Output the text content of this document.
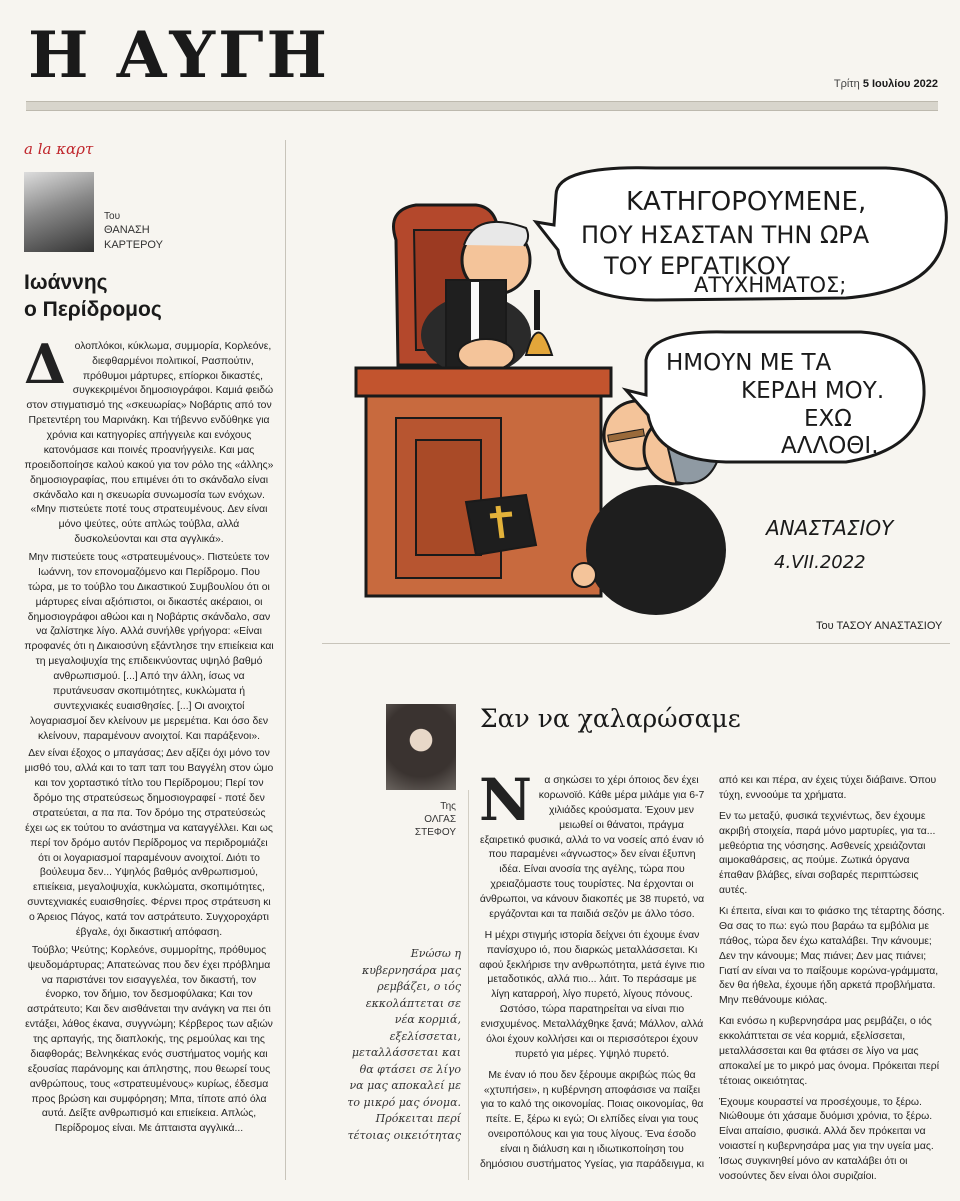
Η ΑΥΓΗ	Τρίτη 5 Ιουλίου 2022
a la καρτ
Του
ΘΑΝΑΣΗ
ΚΑΡΤΕΡΟΥ
Ιωάννης
ο Περίδρομος

Δολοπλόκοι, κύκλωμα, συμμορία, Κορλεόνε, διεφθαρμένοι πολιτικοί, Ρασπούτιν, πρόθυμοι μάρτυρες, επίορκοι δικαστές, συγκεκριμένοι δημοσιογράφοι. Καμιά φειδώ στον στιγματισμό της «σκευωρίας» Νοβάρτις από τον Πρετεντέρη του Μαρινάκη. Και τήβεννο ενδύθηκε για χρόνια και κατηγορίες απήγγειλε και ενόχους κατονόμασε και ποινές προανήγγειλε. Και μας προειδοποίησε καλού κακού για τον ρόλο της «άλλης» δημοσιογραφίας, που επιμένει ότι το σκάνδαλο είναι σκάνδαλο και η σκευωρία συνωμοσία των ενόχων. «Μην πιστεύετε ποτέ τους στρατευμένους. Δεν είναι μόνο ψεύτες, ούτε απλώς τούβλα, αλλά δυσκολεύονται και στα αγγλικά».

Μην πιστεύετε τους «στρατευμένους». Πιστεύετε τον Ιωάννη, τον επονομαζόμενο και Περίδρομο. Που τώρα, με το τούβλο του Δικαστικού Συμβουλίου ότι οι μάρτυρες είναι αξιόπιστοι, οι δικαστές ακέραιοι, οι δημοσιογράφοι αθώοι και η Νοβάρτις σκάνδαλο, σαν να ζαλίστηκε λίγο. Αλλά συνήλθε γρήγορα: «Είναι προφανές ότι η Δικαιοσύνη εξάντλησε την επιείκεια και τη μεγαλοψυχία της επιδεικνύοντας υψηλό βαθμό ανθρωπισμού. [...] Από την άλλη, ίσως να πρυτάνευσαν σκοπιμότητες, κυκλώματα ή συντεχνιακές ευαισθησίες. [...] Οι ανοιχτοί λογαριασμοί δεν κλείνουν με μερεμέτια. Και όσο δεν κλείνουν, παραμένουν ανοιχτοί. Και παράξενοι».

Δεν είναι έξοχος ο μπαγάσας; Δεν αξίζει όχι μόνο τον μισθό του, αλλά και το ταπ ταπ του Βαγγέλη στον ώμο και τον χορταστικό τίτλο του Περίδρομου; Περί τον δρόμο της στρατεύσεως δημοσιογραφεί - ποτέ δεν στρατεύεται, α πα πα. Τον δρόμο της στρατεύσεώς έχει ως εκ τούτου το ανάστημα να καταγγέλλει. Και ως περί τον δρόμο αυτόν Περίδρομος να περιδρομιάζει ότι οι λογαριασμοί παραμένουν ανοιχτοί. Διότι το βούλευμα δεν... Υψηλός βαθμός ανθρωπισμού, επιείκεια, μεγαλοψυχία, κυκλώματα, σκοπιμότητες, συντεχνιακές ευαισθησίες. Φέρνει προς στράτευση κι ο Άρειος Πάγος, κατά τον αστράτευτο. Συγχοροχάρτι έβγαλε, όχι δικαστική απόφαση.

Τούβλο; Ψεύτης; Κορλεόνε, συμμορίτης, πρόθυμος ψευδομάρτυρας; Απατεώνας που δεν έχει πρόβλημα να παριστάνει τον εισαγγελέα, τον δικαστή, τον ένορκο, τον δήμιο, τον δεσμοφύλακα; Και τον αστράτευτο; Και δεν αισθάνεται την ανάγκη να πει ότι εντάξει, λάθος έκανα, συγγνώμη; Κέρβερος των αξιών της αρπαγής, της διαπλοκής, της ρεμούλας και της διαφθοράς; Βελνηκέκας ενός συστήματος νομής και εξουσίας παράνομης και άπληστης, που θεωρεί τους ανθρώπους, τους «στρατευμένους» κυρίως, έδεσμα προς βρώση και συμφόρηση; Μπα, τίποτε από όλα αυτά. Δείξτε ανθρωπισμό και επιείκεια. Απλώς, Περίδρομος είναι. Με άπταιστα αγγλικά...

ΚΑΤΗΓΟΡΟΥΜΕΝΕ,
ΠΟΥ ΗΣΑΣΤΑΝ ΤΗΝ ΩΡΑ
ΤΟΥ ΕΡΓΑΤΙΚΟΥ
ΑΤΥΧΗΜΑΤΟΣ;
ΗΜΟΥΝ ΜΕ ΤΑ
ΚΕΡΔΗ ΜΟΥ.
ΕΧΩ
ΑΛΛΟΘΙ.
ΑΝΑΣΤΑΣΙΟΥ
4.VII.2022
Του ΤΑΣΟΥ ΑΝΑΣΤΑΣΙΟΥ
Της
ΟΛΓΑΣ
ΣΤΕΦΟΥ
Σαν να χαλαρώσαμε
Ενώσω η κυβερνησάρα μας ρεμβάζει, ο ιός εκκολάπτεται σε νέα κορμιά, εξελίσσεται, μεταλλάσσεται και θα φτάσει σε λίγο να μας αποκαλεί με το μικρό μας όνομα. Πρόκειται περί τέτοιας οικειότητας

Ν α σηκώσει το χέρι όποιος δεν έχει κορωνοϊό. Κάθε μέρα μιλάμε για 6-7 χιλιάδες κρούσματα. Έχουν μεν μειωθεί οι θάνατοι, πράγμα εξαιρετικό φυσικά, αλλά το να νοσείς από έναν ιό που παραμένει «άγνωστος» δεν είναι έξυπνη ιδέα. Είναι ανοσία της αγέλης, τώρα που χρειαζόμαστε τους τουρίστες. Να έρχονται οι άνθρωποι, να κάνουν διακοπές με 38 πυρετό, να εργάζονται και τα παιδιά σεζόν με άλλο τόσο.

Η μέχρι στιγμής ιστορία δείχνει ότι έχουμε έναν πανίσχυρο ιό, που διαρκώς μεταλλάσσεται. Κι αφού ξεκλήρισε την ανθρωπότητα, μετά έγινε πιο μεταδοτικός, αλλά πιο... λάιτ. Το περάσαμε με λίγη καταρροή, λίγο πυρετό, λίγους πόνους. Ωστόσο, τώρα παρατηρείται να είναι πιο ενισχυμένος. Μεταλλάχθηκε ξανά; Μάλλον, αλλά όλοι έχουν κολλήσει και οι περισσότεροι έχουν πυρετό για μέρες. Υψηλό πυρετό.

Με έναν ιό που δεν ξέρουμε ακριβώς πώς θα «χτυπήσει», η κυβέρνηση αποφάσισε να παίξει για το καλό της οικονομίας. Ποιας οικονομίας, θα πείτε. Ε, ξέρω κι εγώ; Οι ελπίδες είναι για τους ονειροπόλους και για τους λίγους. Ένα έσοδο είναι η διάλυση και η ιδιωτικοποίηση του δημόσιου συστήματος Υγείας, για παράδειγμα, κι

από κει και πέρα, αν έχεις τύχει διάβαινε. Όπου τύχη, εννοούμε τα χρήματα.

Εν τω μεταξύ, φυσικά τεχνιέντως, δεν έχουμε ακριβή στοιχεία, παρά μόνο μαρτυρίες, για τα... μεθεόρτια της νόσησης. Ασθενείς χρειάζονται αιμοκαθάρσεις, ας πούμε. Ζωτικά όργανα έπαθαν βλάβες, είναι σοβαρές περιπτώσεις αυτές.

Κι έπειτα, είναι και το φιάσκο της τέταρτης δόσης. Θα σας το πω: εγώ που βαράω τα εμβόλια με πάθος, τώρα δεν έχω καταλάβει. Την κάνουμε; Δεν την κάνουμε; Μας πιάνει; Δεν μας πιάνει; Γιατί αν είναι να το παίξουμε κορώνα-γράμματα, δεν θα ήθελα, έχουμε ήδη αρκετά προβλήματα. Μην πεθάνουμε κιόλας.

Και ενόσω η κυβερνησάρα μας ρεμβάζει, ο ιός εκκολάπτεται σε νέα κορμιά, εξελίσσεται, μεταλλάσσεται και θα φτάσει σε λίγο να μας αποκαλεί με το μικρό μας όνομα. Πρόκειται περί τέτοιας οικειότητας.

Έχουμε κουραστεί να προσέχουμε, το ξέρω. Νιώθουμε ότι χάσαμε δυόμισι χρόνια, το ξέρω. Είναι απαίσιο, φυσικά. Αλλά δεν πρόκειται να νοιαστεί η κυβερνησάρα μας για την υγεία μας. Ίσως συγκινηθεί μόνο αν καταλάβει ότι οι νοσούντες δεν είναι όλοι συριζαίοι.
